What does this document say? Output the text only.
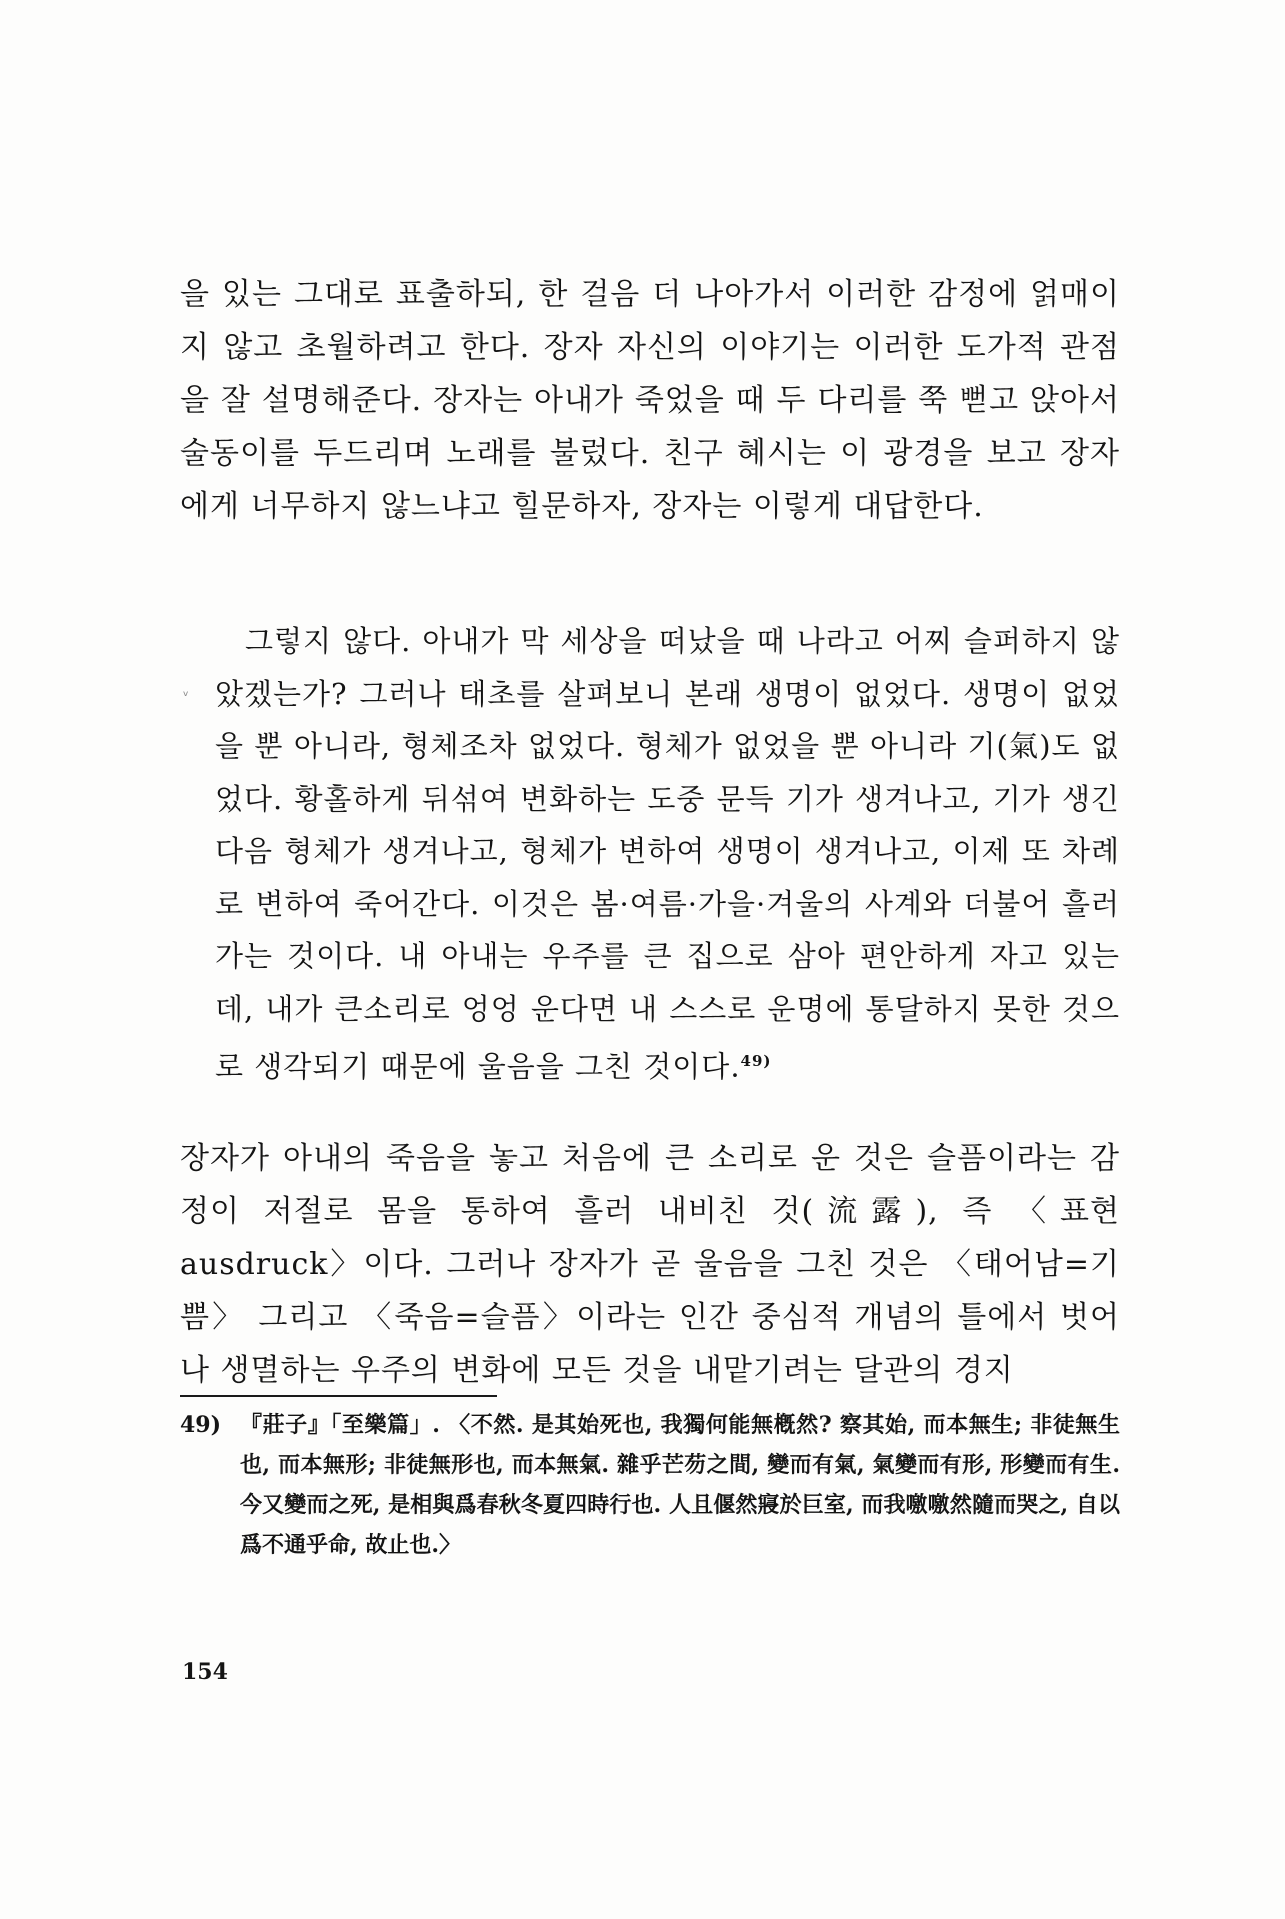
을 있는 그대로 표출하되, 한 걸음 더 나아가서 이러한 감정에 얽매이지 않고 초월하려고 한다. 장자 자신의 이야기는 이러한 도가적 관점을 잘 설명해준다. 장자는 아내가 죽었을 때 두 다리를 쭉 뻗고 앉아서 술동이를 두드리며 노래를 불렀다. 친구 혜시는 이 광경을 보고 장자에게 너무하지 않느냐고 힐문하자, 장자는 이렇게 대답한다.

ᵥ

그렇지 않다. 아내가 막 세상을 떠났을 때 나라고 어찌 슬퍼하지 않았겠는가? 그러나 태초를 살펴보니 본래 생명이 없었다. 생명이 없었을 뿐 아니라, 형체조차 없었다. 형체가 없었을 뿐 아니라 기(氣)도 없었다. 황홀하게 뒤섞여 변화하는 도중 문득 기가 생겨나고, 기가 생긴 다음 형체가 생겨나고, 형체가 변하여 생명이 생겨나고, 이제 또 차례로 변하여 죽어간다. 이것은 봄·여름·가을·겨울의 사계와 더불어 흘러가는 것이다. 내 아내는 우주를 큰 집으로 삼아 편안하게 자고 있는데, 내가 큰소리로 엉엉 운다면 내 스스로 운명에 통달하지 못한 것으로 생각되기 때문에 울음을 그친 것이다.$^{49)}$

장자가 아내의 죽음을 놓고 처음에 큰 소리로 운 것은 슬픔이라는 감정이 저절로 몸을 통하여 흘러 내비친 것(流露), 즉 〈표현 ausdruck〉이다. 그러나 장자가 곧 울음을 그친 것은 〈태어남=기쁨〉 그리고 〈죽음=슬픔〉이라는 인간 중심적 개념의 틀에서 벗어나 생멸하는 우주의 변화에 모든 것을 내맡기려는 달관의 경지

49) 『莊子』「至樂篇」. 〈不然. 是其始死也, 我獨何能無槪然? 察其始, 而本無生; 非徒無生也, 而本無形; 非徒無形也, 而本無氣. 雜乎芒芴之間, 變而有氣, 氣變而有形, 形變而有生. 今又變而之死, 是相與爲春秋冬夏四時行也. 人且偃然寢於巨室, 而我噭噭然隨而哭之, 自以爲不通乎命, 故止也.〉
154
